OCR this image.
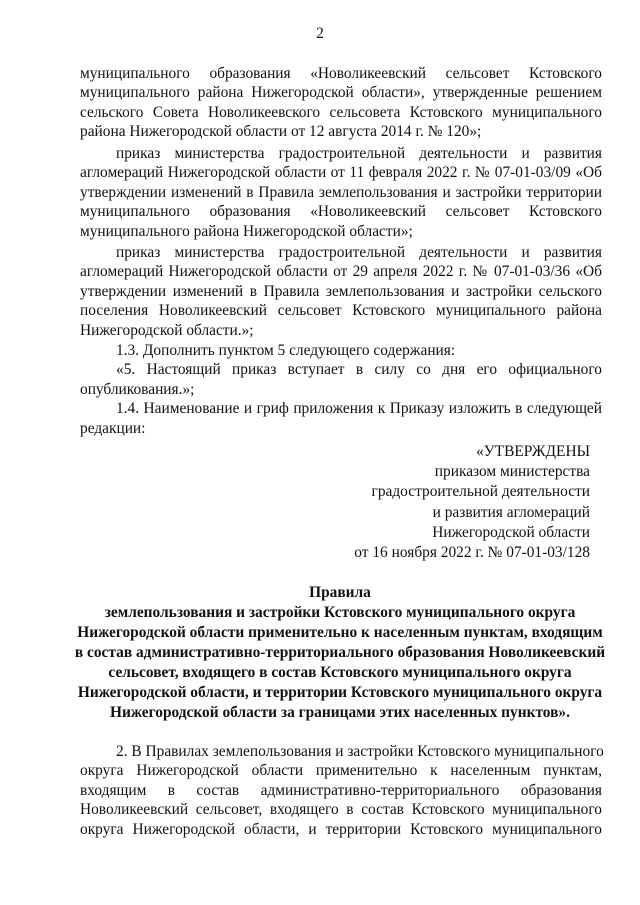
2
муниципального образования «Новоликеевский сельсовет Кстовского
муниципального района Нижегородской области», утвержденные решением
сельского Совета Новоликеевского сельсовета Кстовского муниципального
района Нижегородской области от 12 августа 2014 г. № 120»;
приказ министерства градостроительной деятельности и развития
агломераций Нижегородской области от 11 февраля 2022 г. № 07-01-03/09 «Об
утверждении изменений в Правила землепользования и застройки территории
муниципального образования «Новоликеевский сельсовет Кстовского
муниципального района Нижегородской области»;
приказ министерства градостроительной деятельности и развития
агломераций Нижегородской области от 29 апреля 2022 г. № 07-01-03/36 «Об
утверждении изменений в Правила землепользования и застройки сельского
поселения Новоликеевский сельсовет Кстовского муниципального района
Нижегородской области.»;
1.3. Дополнить пунктом 5 следующего содержания:
«5. Настоящий приказ вступает в силу со дня его официального
опубликования.»;
1.4. Наименование и гриф приложения к Приказу изложить в следующей
редакции:
«УТВЕРЖДЕНЫ
приказом министерства
градостроительной деятельности
и развития агломераций
Нижегородской области
от 16 ноября 2022 г. № 07-01-03/128
Правила
землепользования и застройки Кстовского муниципального округа
Нижегородской области применительно к населенным пунктам, входящим
в состав административно-территориального образования Новоликеевский
сельсовет, входящего в состав Кстовского муниципального округа
Нижегородской области, и территории Кстовского муниципального округа
Нижегородской области за границами этих населенных пунктов».
2. В Правилах землепользования и застройки Кстовского муниципального
округа Нижегородской области применительно к населенным пунктам,
входящим в состав административно-территориального образования
Новоликеевский сельсовет, входящего в состав Кстовского муниципального
округа Нижегородской области, и территории Кстовского муниципального
